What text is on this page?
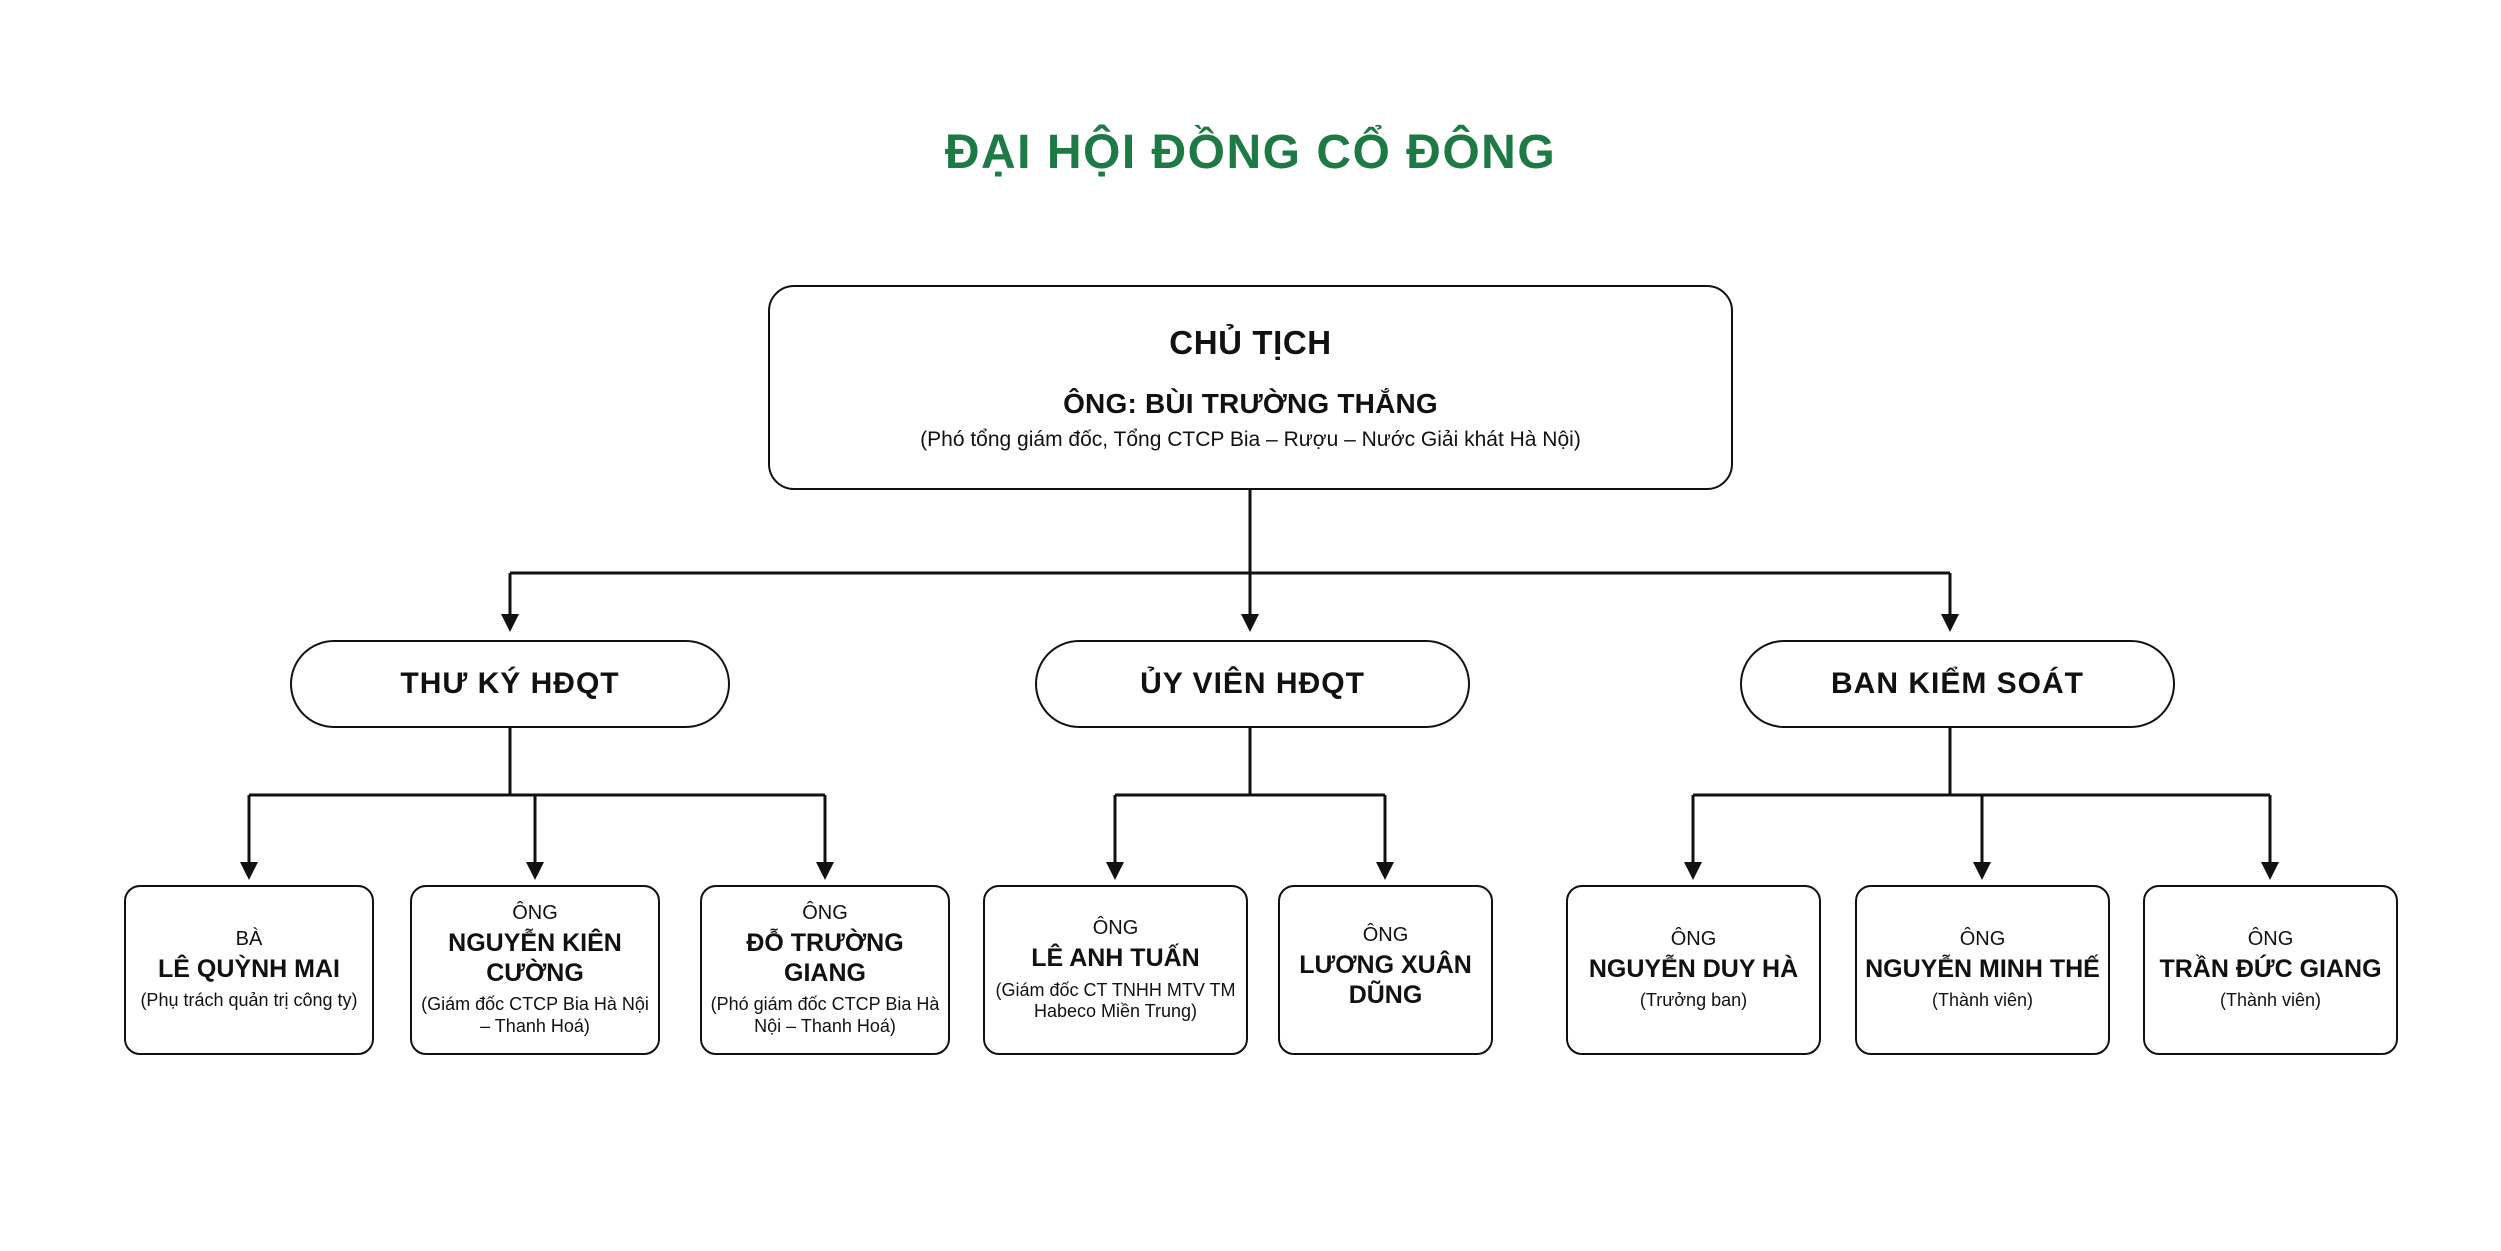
ĐẠI HỘI ĐỒNG CỔ ĐÔNG
CHỦ TỊCH
ÔNG: BÙI TRƯỜNG THẮNG
(Phó tổng giám đốc, Tổng CTCP Bia – Rượu – Nước Giải khát Hà Nội)
THƯ KÝ HĐQT	ỦY VIÊN HĐQT	BAN KIỂM SOÁT
BÀ
LÊ QUỲNH MAI
(Phụ trách quản trị công ty)
ÔNG
NGUYỄN KIÊN CƯỜNG
(Giám đốc CTCP Bia Hà Nội – Thanh Hoá)
ÔNG
ĐỖ TRƯỜNG GIANG
(Phó giám đốc CTCP Bia Hà Nội – Thanh Hoá)
ÔNG
LÊ ANH TUẤN
(Giám đốc CT TNHH MTV TM Habeco Miền Trung)
ÔNG
LƯƠNG XUÂN DŨNG
ÔNG
NGUYỄN DUY HÀ
(Trưởng ban)
ÔNG
NGUYỄN MINH THẾ
(Thành viên)
ÔNG
TRẦN ĐỨC GIANG
(Thành viên)
